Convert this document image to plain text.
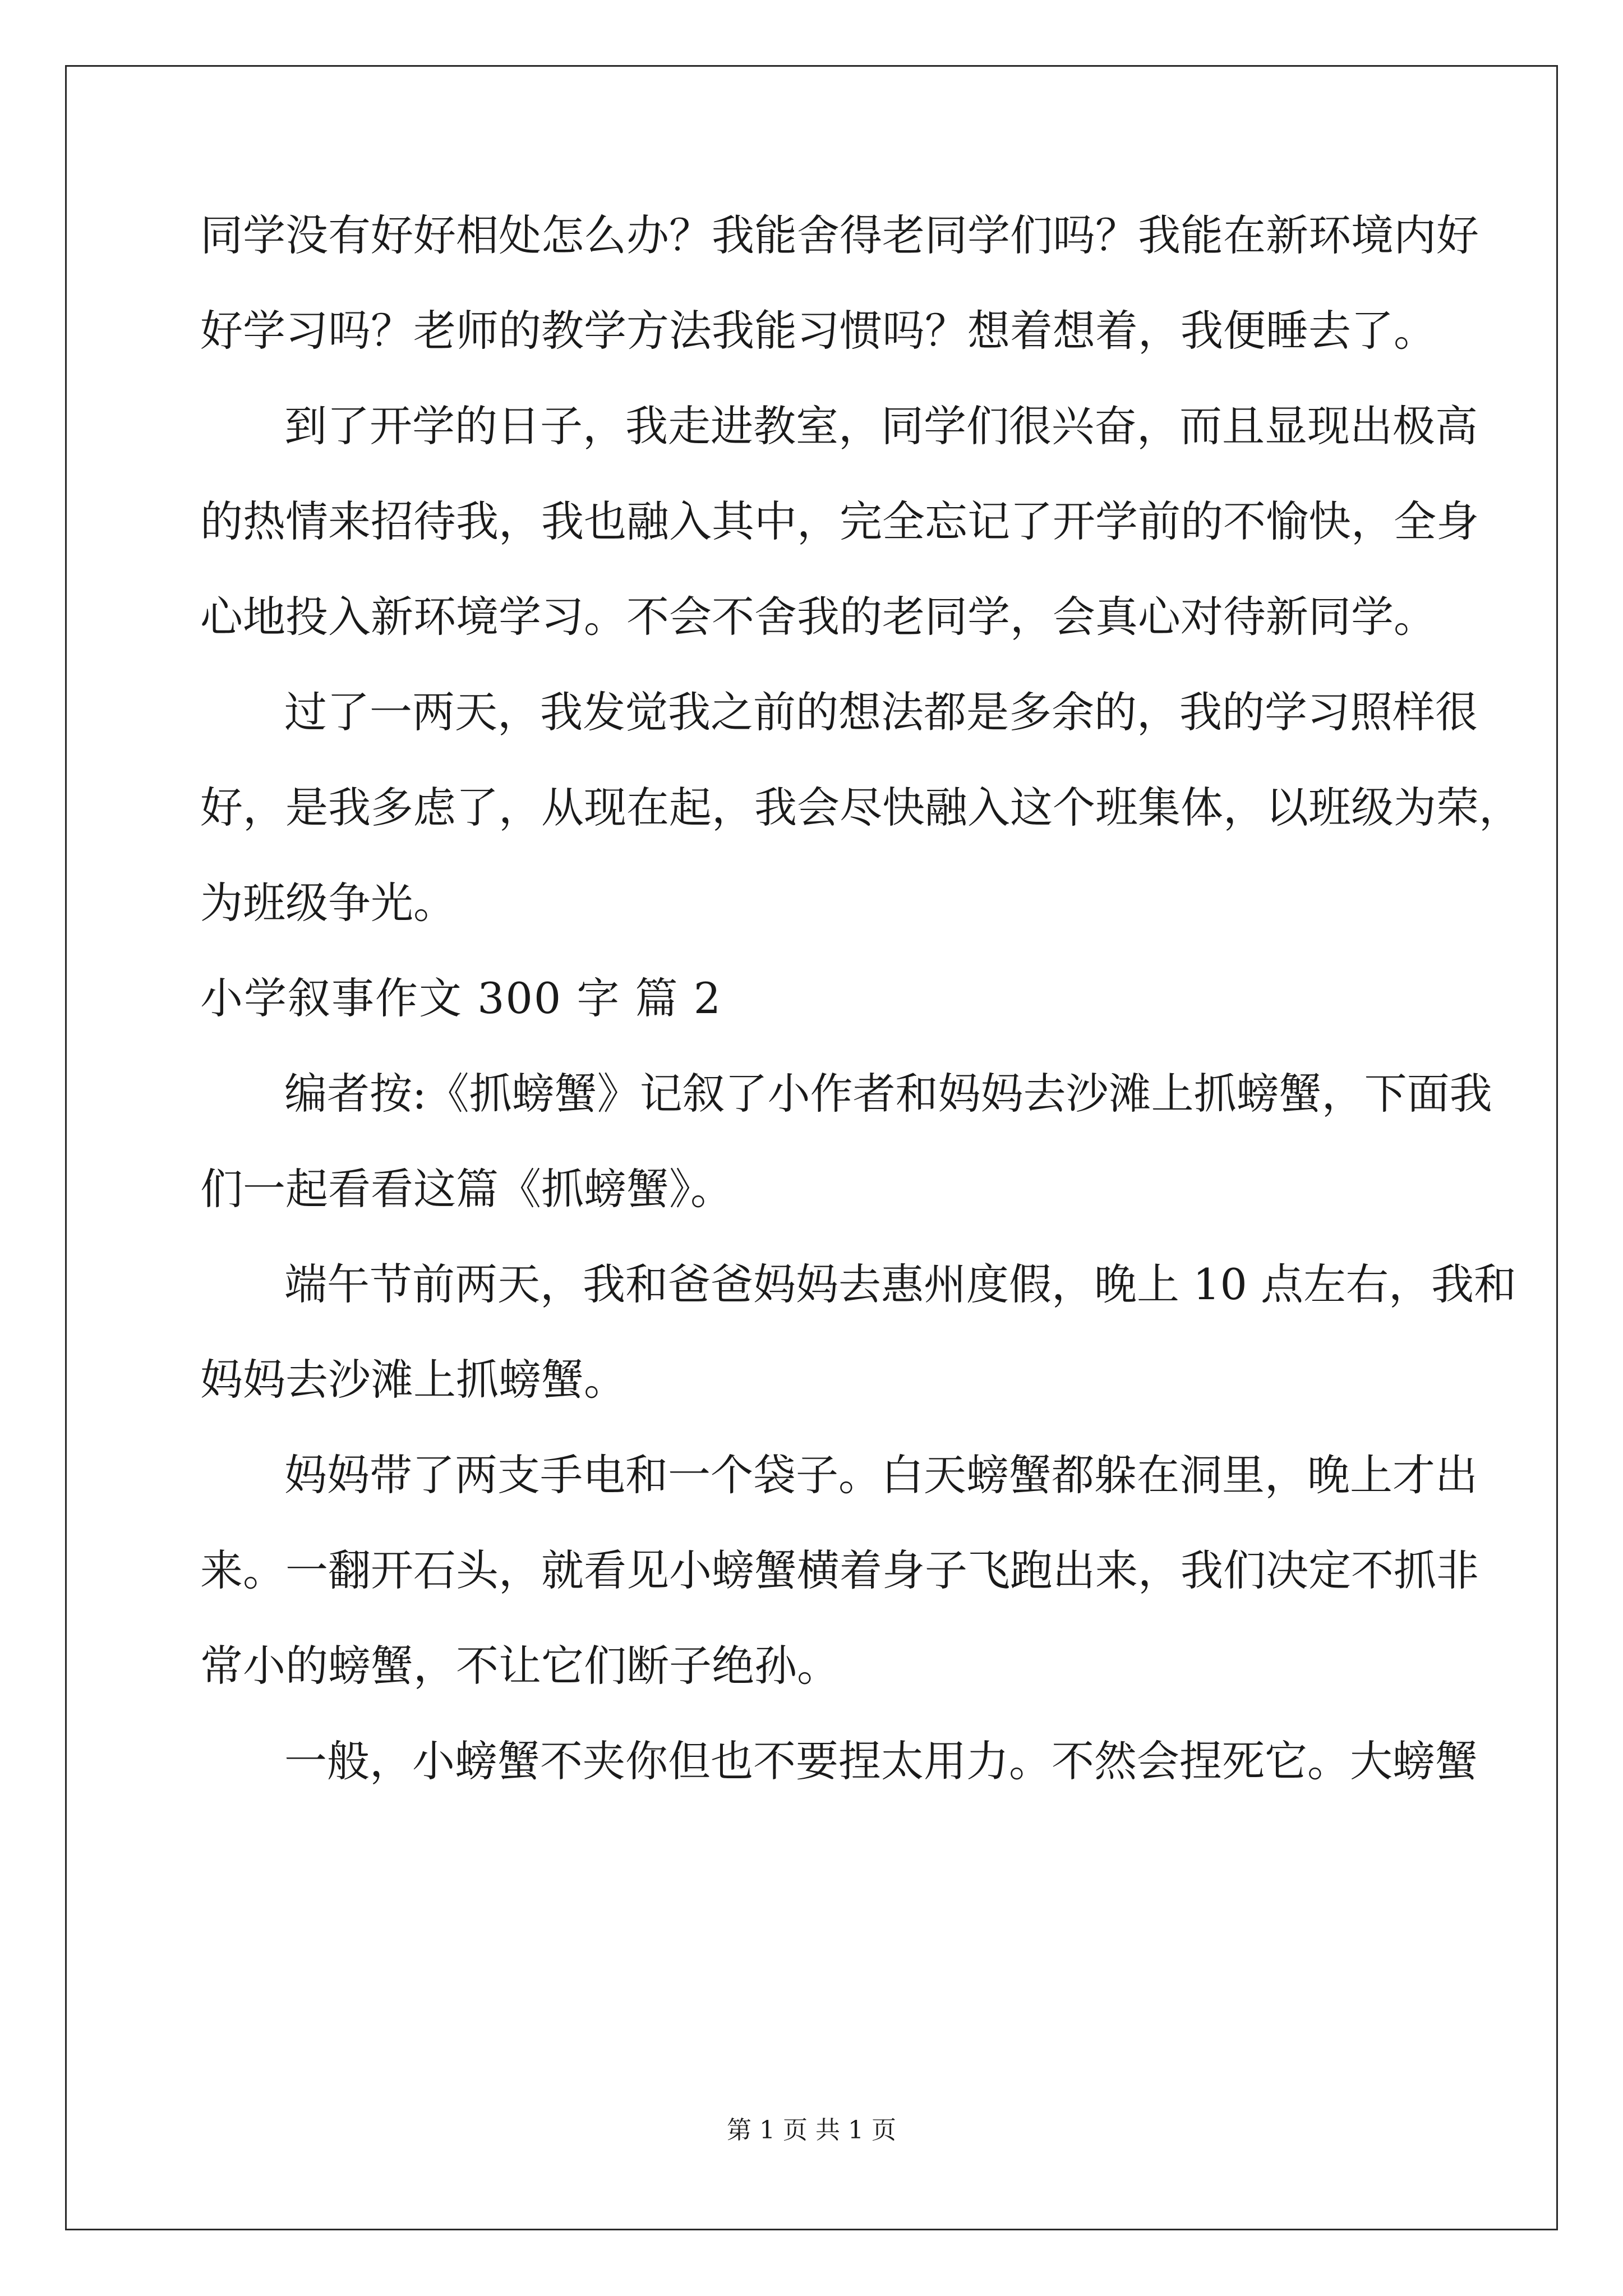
同学没有好好相处怎么办？我能舍得老同学们吗？我能在新环境内好
好学习吗？老师的教学方法我能习惯吗？想着想着，我便睡去了。
到了开学的日子，我走进教室，同学们很兴奋，而且显现出极高
的热情来招待我，我也融入其中，完全忘记了开学前的不愉快，全身
心地投入新环境学习。不会不舍我的老同学，会真心对待新同学。
过了一两天，我发觉我之前的想法都是多余的，我的学习照样很
好，是我多虑了，从现在起，我会尽快融入这个班集体，以班级为荣，
为班级争光。
小学叙事作文 300 字 篇 2
编者按:《抓螃蟹》记叙了小作者和妈妈去沙滩上抓螃蟹，下面我
们一起看看这篇《抓螃蟹》。
端午节前两天，我和爸爸妈妈去惠州度假，晚上 10 点左右，我和
妈妈去沙滩上抓螃蟹。
妈妈带了两支手电和一个袋子。白天螃蟹都躲在洞里，晚上才出
来。一翻开石头，就看见小螃蟹横着身子飞跑出来，我们决定不抓非
常小的螃蟹，不让它们断子绝孙。
一般，小螃蟹不夹你但也不要捏太用力。不然会捏死它。大螃蟹
第 1 页 共 1 页
